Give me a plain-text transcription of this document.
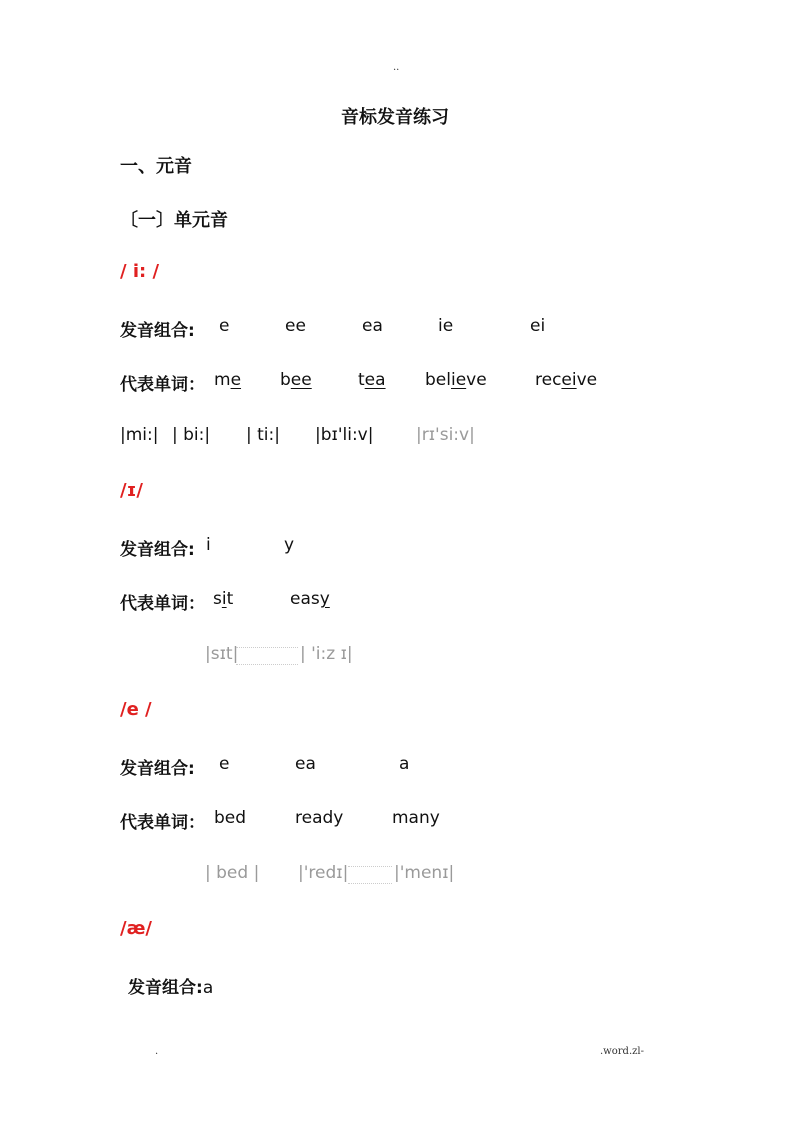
..
音标发音练习
一、元音
〔一〕单元音
/ i: /
发音组合: e	ee	ea	ie	ei
代表单词： me bee	tea believe	receive
|mi:| | bi:| | ti:| |bɪ'li:v|	|rɪ'si:v|
/ɪ/
发音组合: i	y
代表单词： sit	easy
|sɪt|	| 'i:z ɪ|
/e /
发音组合: e	ea	a
代表单词： bed	ready	many
| bed | |'redɪ|	|'menɪ|
/æ/
发音组合:a
.	.word.zl-
